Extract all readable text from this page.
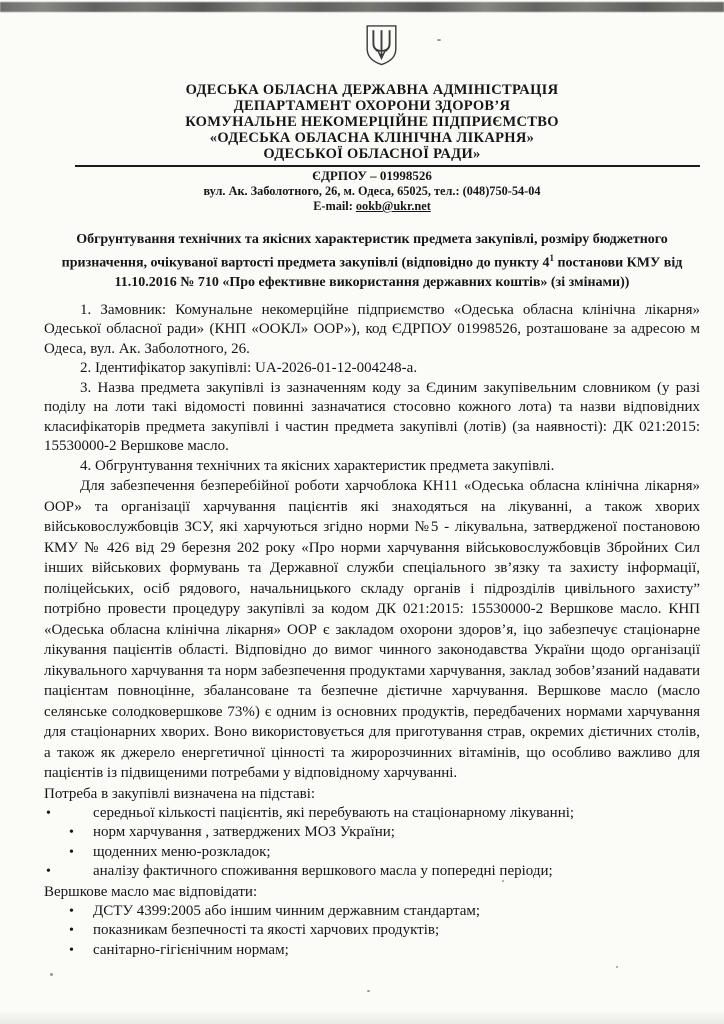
ОДЕСЬКА ОБЛАСНА ДЕРЖАВНА АДМІНІСТРАЦІЯ
ДЕПАРТАМЕНТ ОХОРОНИ ЗДОРОВ’Я
КОМУНАЛЬНЕ НЕКОМЕРЦІЙНЕ ПІДПРИЄМСТВО
«ОДЕСЬКА ОБЛАСНА КЛІНІЧНА ЛІКАРНЯ»
ОДЕСЬКОЇ ОБЛАСНОЇ РАДИ»
ЄДРПОУ – 01998526
вул. Ак. Заболотного, 26, м. Одеса, 65025, тел.: (048)750-54-04
E-mail: ookb@ukr.net
Обгрунтування технічних та якісних характеристик предмета закупівлі, розміру бюджетного призначення, очікуваної вартості предмета закупівлі (відповідно до пункту $4^1$ постанови КМУ від 11.10.2016 № 710 «Про ефективне використання державних коштів» (зі змінами))

1. Замовник: Комунальне некомерційне підприємство «Одеська обласна клінічна лікарня» Одеської обласної ради» (КНП «ООКЛ» ООР»), код ЄДРПОУ 01998526, розташоване за адресою м Одеса, вул. Ак. Заболотного, 26.

2. Ідентифікатор закупівлі: UA-2026-01-12-004248-a.

3. Назва предмета закупівлі із зазначенням коду за Єдиним закупівельним словником (у разі поділу на лоти такі відомості повинні зазначатися стосовно кожного лота) та назви відповідних класифікаторів предмета закупівлі і частин предмета закупівлі (лотів) (за наявності): ДК 021:2015: 15530000-2 Вершкове масло.

4. Обгрунтування технічних та якісних характеристик предмета закупівлі.

Для забезпечення безперебійної роботи харчоблока КН11 «Одеська обласна клінічна лікарня» ООР» та організації харчування пацієнтів які знаходяться на лікуванні, а також хворих військовослужбовців ЗСУ, які харчуються згідно норми №5 - лікувальна, затвердженої постановою КМУ № 426 від 29 березня 202 року «Про норми харчування військовослужбовців Збройних Сил інших військових формувань та Державної служби спеціального зв’язку та захисту інформації, поліцейських, осіб рядового, начальницького складу органів і підрозділів цивільного захисту” потрібно провести процедуру закупівлі за кодом ДК 021:2015: 15530000-2 Вершкове масло. КНП «Одеська обласна клінічна лікарня» ООР є закладом охорони здоров’я, іцо забезпечує стаціонарне лікування пацієнтів області. Відповідно до вимог чинного законодавства України щодо організації лікувального харчування та норм забезпечення продуктами харчування, заклад зобов’язаний надавати пацієнтам повноцінне, збалансоване та безпечне дієтичне харчування. Вершкове масло (масло селянське солодковершкове 73%) є одним із основних продуктів, передбачених нормами харчування для стаціонарних хворих. Воно використовується для приготування страв, окремих дієтичних столів, а також як джерело енергетичної цінності та жиророзчинних вітамінів, що особливо важливо для пацієнтів із підвищеними потребами у відповідному харчуванні.

Потреба в закупівлі визначена на підставі:

• середньої кількості пацієнтів, які перебувають на стаціонарному лікуванні;
• норм харчування , затверджених МОЗ України;
• щоденних меню-розкладок;
• аналізу фактичного споживання вершкового масла у попередні періоди;

Вершкове масло має відповідати:

• ДСТУ 4399:2005 або іншим чинним державним стандартам;
• показникам безпечності та якості харчових продуктів;
• санітарно-гігієнічним нормам;
